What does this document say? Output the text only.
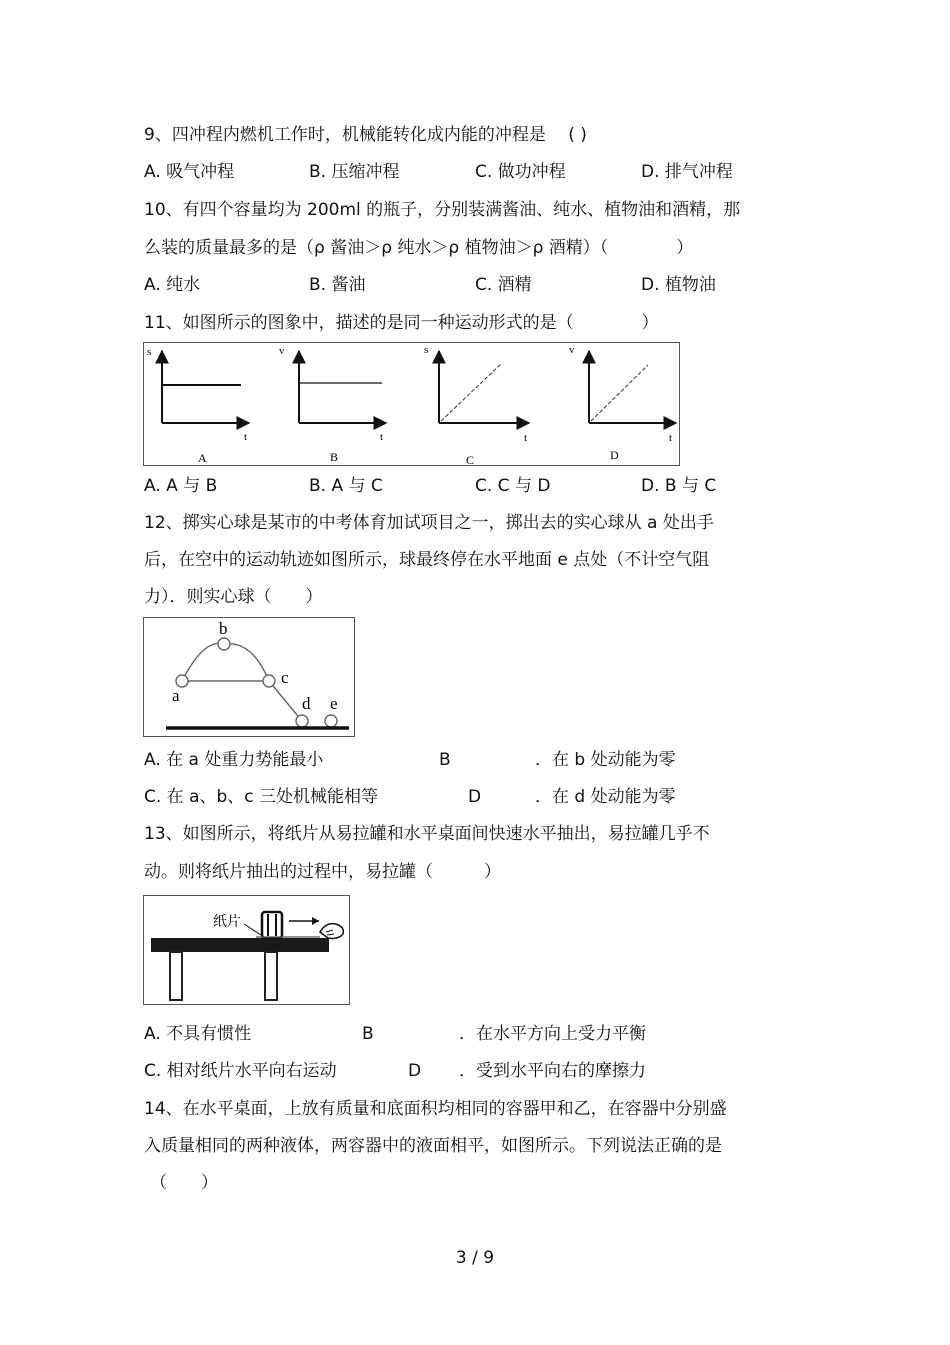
9、四冲程内燃机工作时，机械能转化成内能的冲程是　 ( )
A. 吸气冲程	B. 压缩冲程	C. 做功冲程	D. 排气冲程
10、有四个容量均为 200ml 的瓶子，分别装满酱油、纯水、植物油和酒精，那
么装的质量最多的是（ρ 酱油＞ρ 纯水＞ρ 植物油＞ρ 酒精）（　　　　）
A. 纯水	B. 酱油	C. 酒精	D. 植物油
11、如图所示的图象中，描述的是同一种运动形式的是（　　　　）
s
t
A
v
t
B
s
t
C
v
t
D
A. A 与 B	B. A 与 C	C. C 与 D	D. B 与 C
12、掷实心球是某市的中考体育加试项目之一，掷出去的实心球从 a 处出手
后，在空中的运动轨迹如图所示，球最终停在水平地面 e 点处（不计空气阻
力）．则实心球（　　）
a
b
c
d e
A. 在 a 处重力势能最小	B	．在 b 处动能为零
C. 在 a、b、c 三处机械能相等	D	．在 d 处动能为零
13、如图所示，将纸片从易拉罐和水平桌面间快速水平抽出，易拉罐几乎不
动。则将纸片抽出的过程中，易拉罐（　　　）
纸片
A. 不具有惯性	B	．在水平方向上受力平衡
C. 相对纸片水平向右运动	D ．受到水平向右的摩擦力
14、在水平桌面，上放有质量和底面积均相同的容器甲和乙，在容器中分别盛
入质量相同的两种液体，两容器中的液面相平，如图所示。下列说法正确的是
（　　）
3 / 9
